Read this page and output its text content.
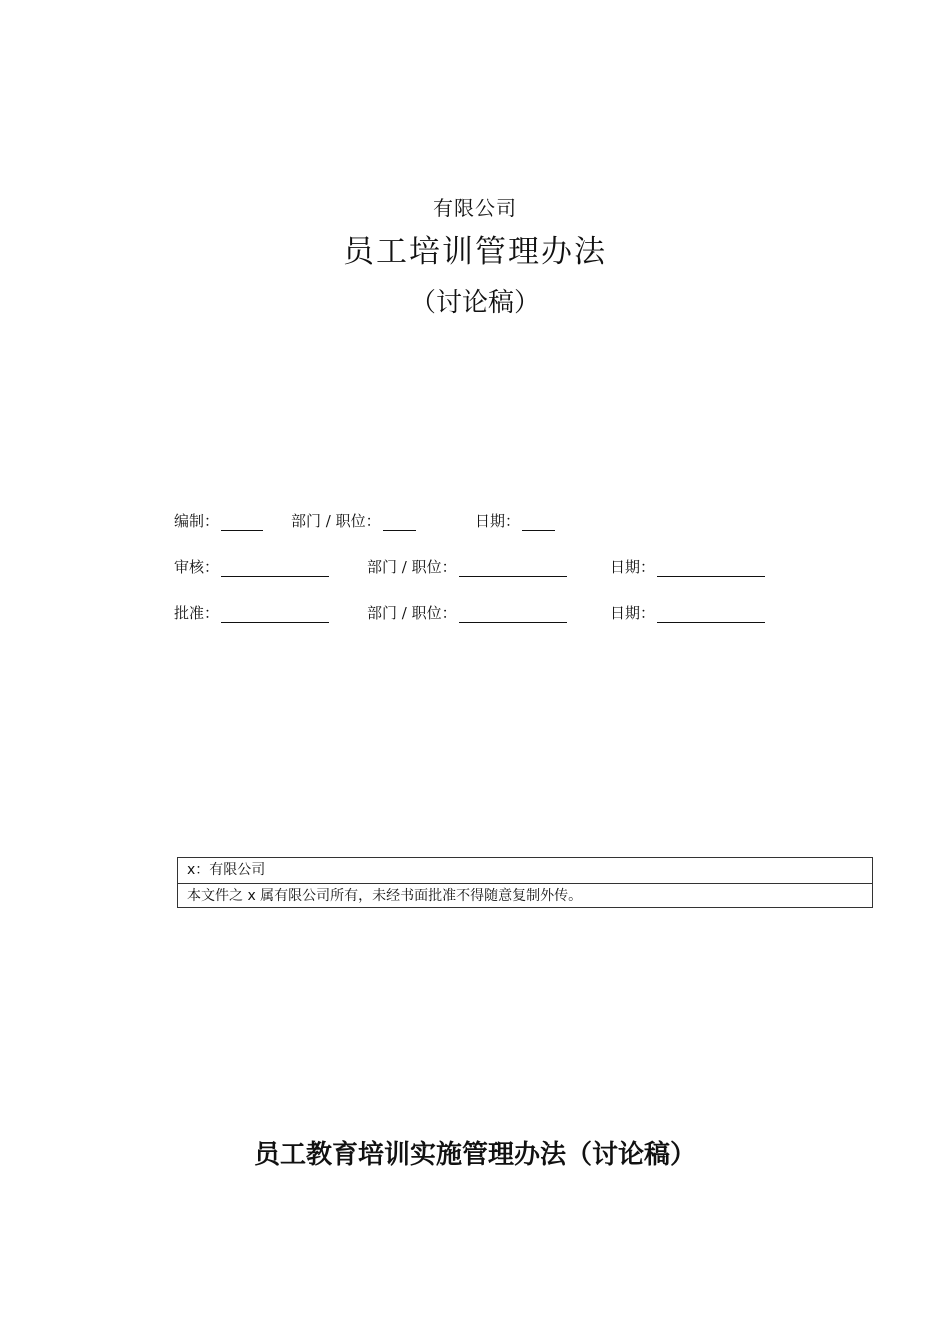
有限公司
员工培训管理办法
（讨论稿）
编制：	部门 / 职位：	日期：
审核：	部门 / 职位：	日期：
批准：	部门 / 职位：	日期：
x：有限公司
本文件之 x 属有限公司所有，未经书面批准不得随意复制外传。
员工教育培训实施管理办法（讨论稿）
